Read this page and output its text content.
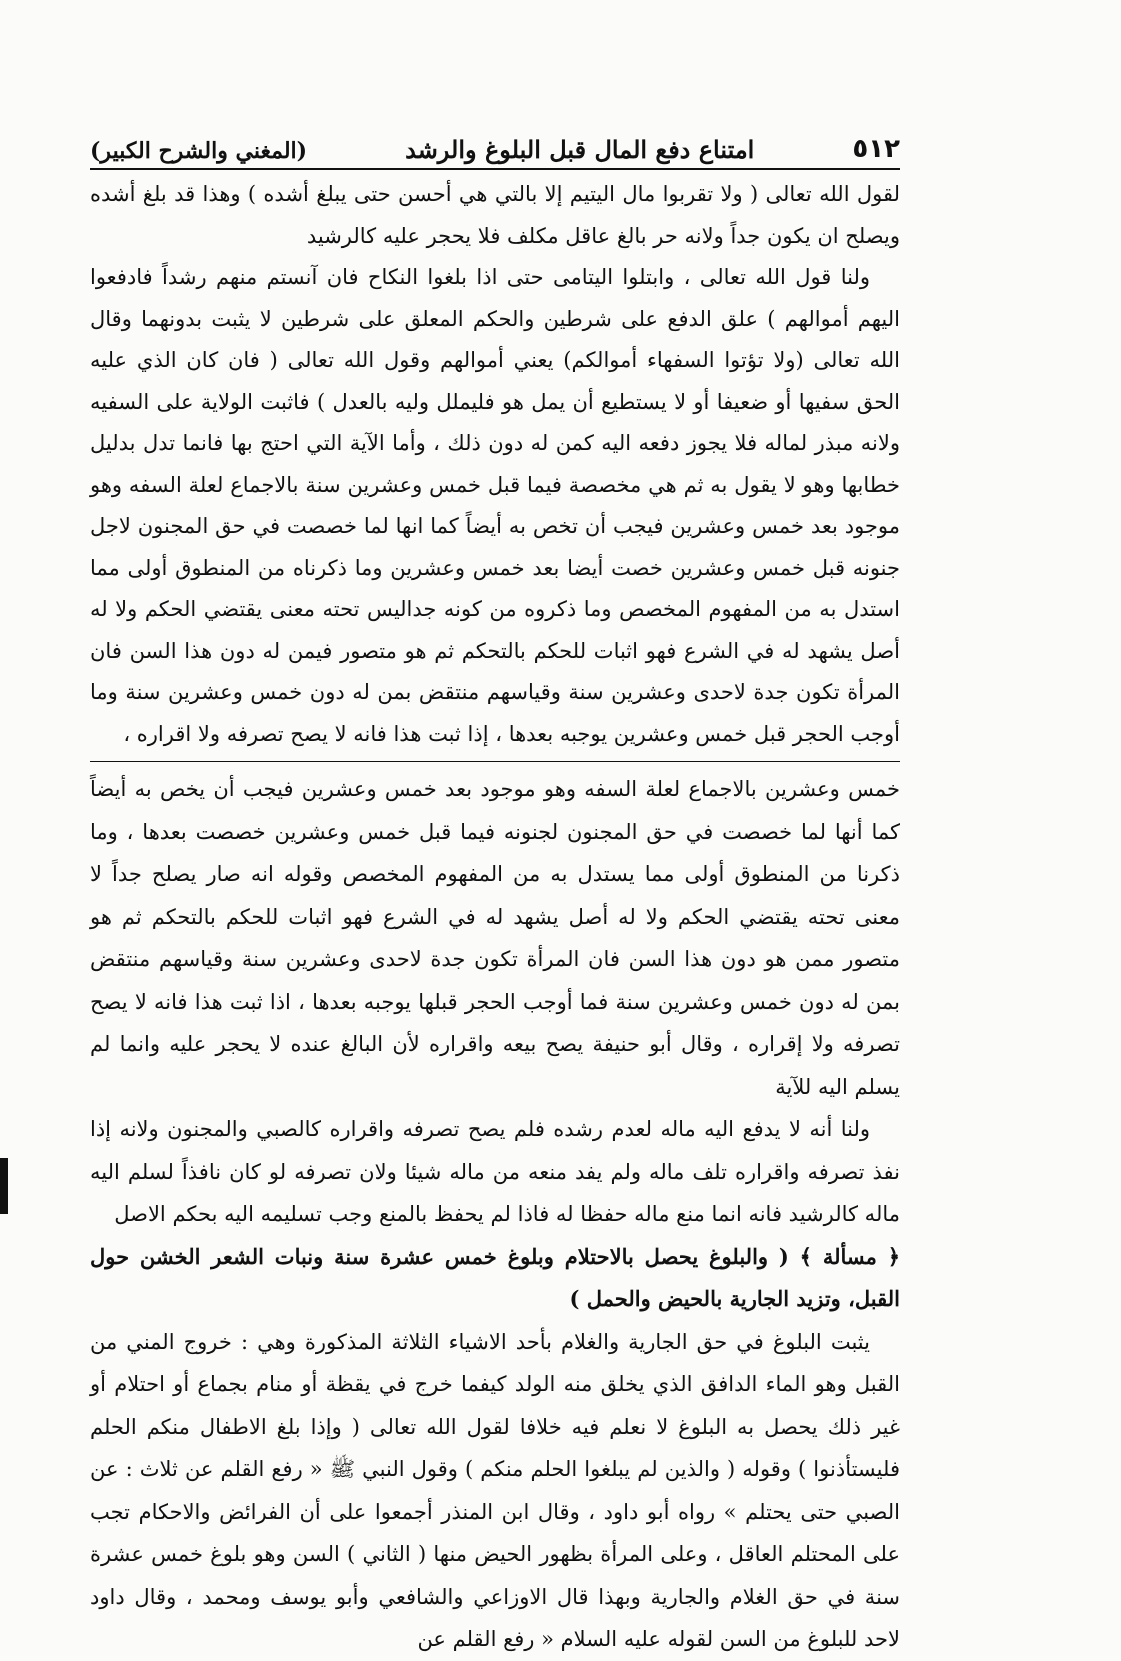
٥١٢
امتناع دفع المال قبل البلوغ والرشد
(المغني والشرح الكبير)

لقول الله تعالى ( ولا تقربوا مال اليتيم إلا بالتي هي أحسن حتى يبلغ أشده ) وهذا قد بلغ أشده ويصلح ان يكون جداً ولانه حر بالغ عاقل مكلف فلا يحجر عليه كالرشيد

ولنا قول الله تعالى ، وابتلوا اليتامى حتى اذا بلغوا النكاح فان آنستم منهم رشداً فادفعوا اليهم أموالهم ) علق الدفع على شرطين والحكم المعلق على شرطين لا يثبت بدونهما وقال الله تعالى (ولا تؤتوا السفهاء أموالكم) يعني أموالهم وقول الله تعالى ( فان كان الذي عليه الحق سفيها أو ضعيفا أو لا يستطيع أن يمل هو فليملل وليه بالعدل ) فاثبت الولاية على السفيه ولانه مبذر لماله فلا يجوز دفعه اليه كمن له دون ذلك ، وأما الآية التي احتج بها فانما تدل بدليل خطابها وهو لا يقول به ثم هي مخصصة فيما قبل خمس وعشرين سنة بالاجماع لعلة السفه وهو موجود بعد خمس وعشرين فيجب أن تخص به أيضاً كما انها لما خصصت في حق المجنون لاجل جنونه قبل خمس وعشرين خصت أيضا بعد خمس وعشرين وما ذكرناه من المنطوق أولى مما استدل به من المفهوم المخصص وما ذكروه من كونه جداليس تحته معنى يقتضي الحكم ولا له أصل يشهد له في الشرع فهو اثبات للحكم بالتحكم ثم هو متصور فيمن له دون هذا السن فان المرأة تكون جدة لاحدى وعشرين سنة وقياسهم منتقض بمن له دون خمس وعشرين سنة وما أوجب الحجر قبل خمس وعشرين يوجبه بعدها ، إذا ثبت هذا فانه لا يصح تصرفه ولا اقراره ،

خمس وعشرين بالاجماع لعلة السفه وهو موجود بعد خمس وعشرين فيجب أن يخص به أيضاً كما أنها لما خصصت في حق المجنون لجنونه فيما قبل خمس وعشرين خصصت بعدها ، وما ذكرنا من المنطوق أولى مما يستدل به من المفهوم المخصص وقوله انه صار يصلح جداً لا معنى تحته يقتضي الحكم ولا له أصل يشهد له في الشرع فهو اثبات للحكم بالتحكم ثم هو متصور ممن هو دون هذا السن فان المرأة تكون جدة لاحدى وعشرين سنة وقياسهم منتقض بمن له دون خمس وعشرين سنة فما أوجب الحجر قبلها يوجبه بعدها ، اذا ثبت هذا فانه لا يصح تصرفه ولا إقراره ، وقال أبو حنيفة يصح بيعه واقراره لأن البالغ عنده لا يحجر عليه وانما لم يسلم اليه للآية

ولنا أنه لا يدفع اليه ماله لعدم رشده فلم يصح تصرفه واقراره كالصبي والمجنون ولانه إذا نفذ تصرفه واقراره تلف ماله ولم يفد منعه من ماله شيئا ولان تصرفه لو كان نافذاً لسلم اليه ماله كالرشيد فانه انما منع ماله حفظا له فاذا لم يحفظ بالمنع وجب تسليمه اليه بحكم الاصل

﴿ مسألة ﴾ ( والبلوغ يحصل بالاحتلام وبلوغ خمس عشرة سنة ونبات الشعر الخشن حول القبل، وتزيد الجارية بالحيض والحمل )

يثبت البلوغ في حق الجارية والغلام بأحد الاشياء الثلاثة المذكورة وهي : خروج المني من القبل وهو الماء الدافق الذي يخلق منه الولد كيفما خرج في يقظة أو منام بجماع أو احتلام أو غير ذلك يحصل به البلوغ لا نعلم فيه خلافا لقول الله تعالى ( وإذا بلغ الاطفال منكم الحلم فليستأذنوا ) وقوله ( والذين لم يبلغوا الحلم منكم ) وقول النبي ﷺ « رفع القلم عن ثلاث : عن الصبي حتى يحتلم » رواه أبو داود ، وقال ابن المنذر أجمعوا على أن الفرائض والاحكام تجب على المحتلم العاقل ، وعلى المرأة بظهور الحيض منها ( الثاني ) السن وهو بلوغ خمس عشرة سنة في حق الغلام والجارية وبهذا قال الاوزاعي والشافعي وأبو يوسف ومحمد ، وقال داود لاحد للبلوغ من السن لقوله عليه السلام « رفع القلم عن
